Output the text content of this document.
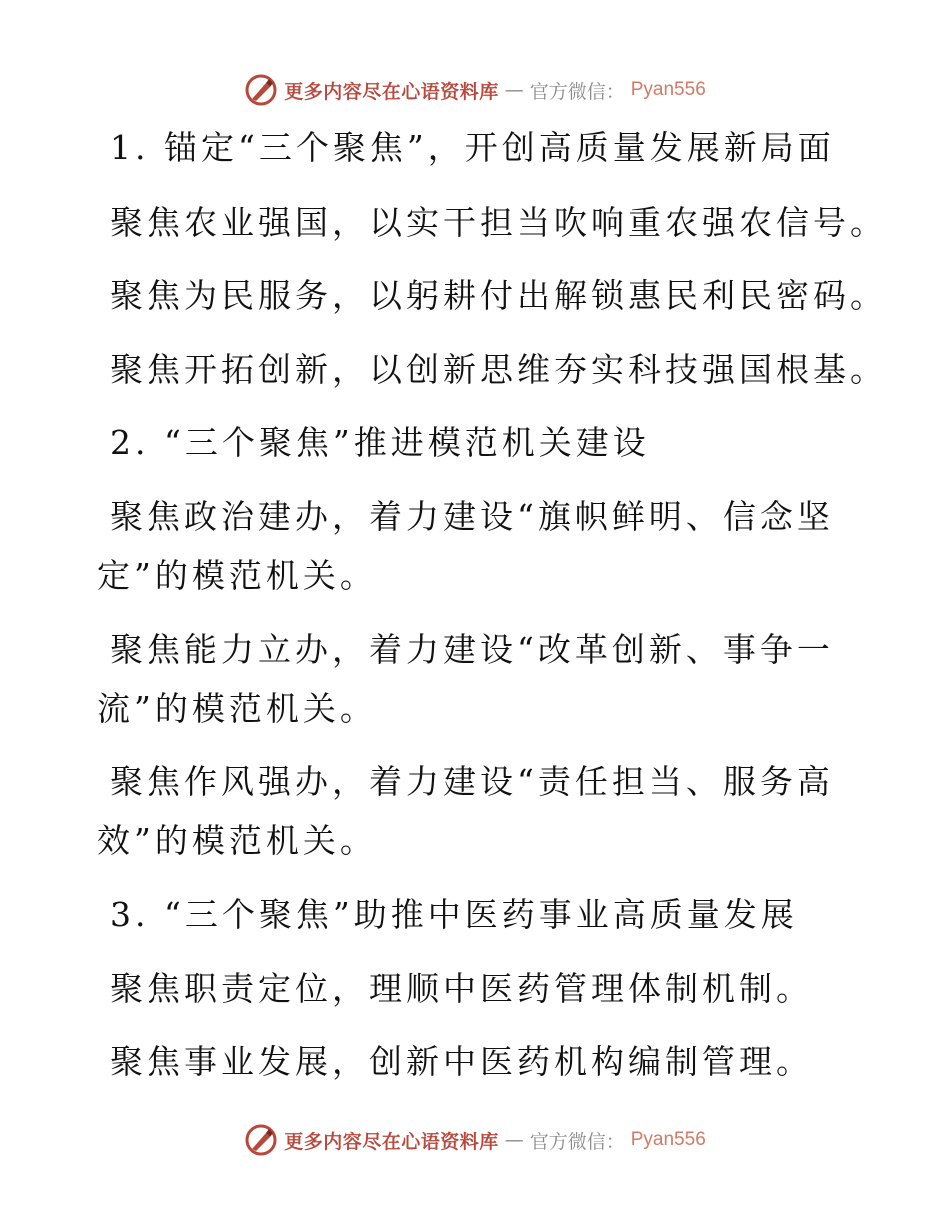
更多内容尽在心语资料库 — 官方微信： Pyan556
1. 锚定“三个聚焦”，开创高质量发展新局面
聚焦农业强国，以实干担当吹响重农强农信号。
聚焦为民服务，以躬耕付出解锁惠民利民密码。
聚焦开拓创新，以创新思维夯实科技强国根基。
2. “三个聚焦”推进模范机关建设
聚焦政治建办，着力建设“旗帜鲜明、信念坚
定”的模范机关。
聚焦能力立办，着力建设“改革创新、事争一
流”的模范机关。
聚焦作风强办，着力建设“责任担当、服务高
效”的模范机关。
3. “三个聚焦”助推中医药事业高质量发展
聚焦职责定位，理顺中医药管理体制机制。
聚焦事业发展，创新中医药机构编制管理。
更多内容尽在心语资料库 — 官方微信： Pyan556
